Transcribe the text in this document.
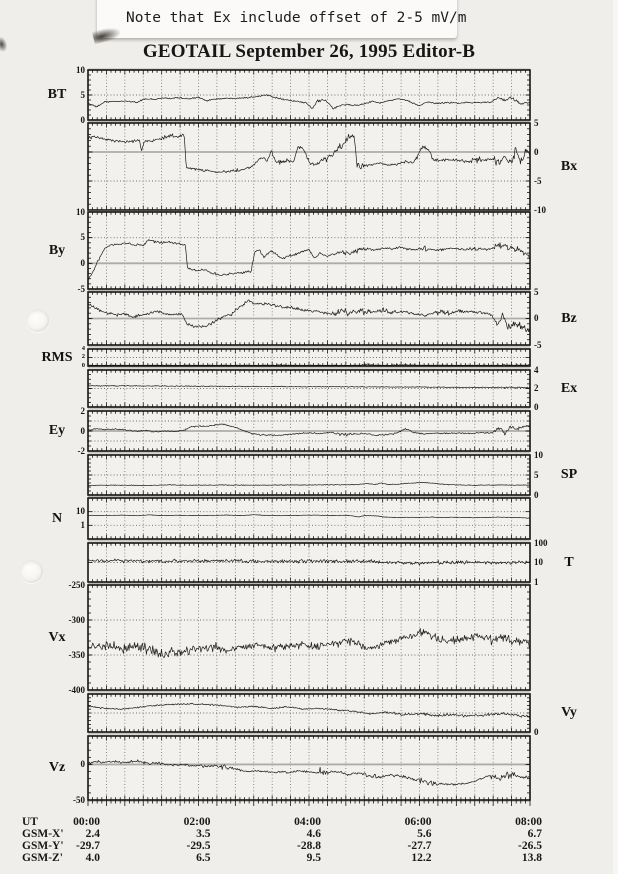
Note that Ex include offset of 2-5 mV/m
GEOTAIL September 26, 1995 Editor-B
UT	00:00	02:00	04:00	06:00	08:00
GSM-X'	2.4	3.5	4.6	5.6	6.7
GSM-Y'	-29.7	-29.5	-28.8	-27.7	-26.5
GSM-Z'	4.0	6.5	9.5	12.2	13.8
10
5
0
BT
5
0
-5
-10
Bx
10
5
0
-5
By
5
0
-5
Bz
4
2
0
RMS
4
2
0
Ex
2
0
-2
Ey
10
5
0
SP
10
1
N
100
10
1
T
-250
-300
-350
-400
Vx
0
Vy
0
-50
Vz
